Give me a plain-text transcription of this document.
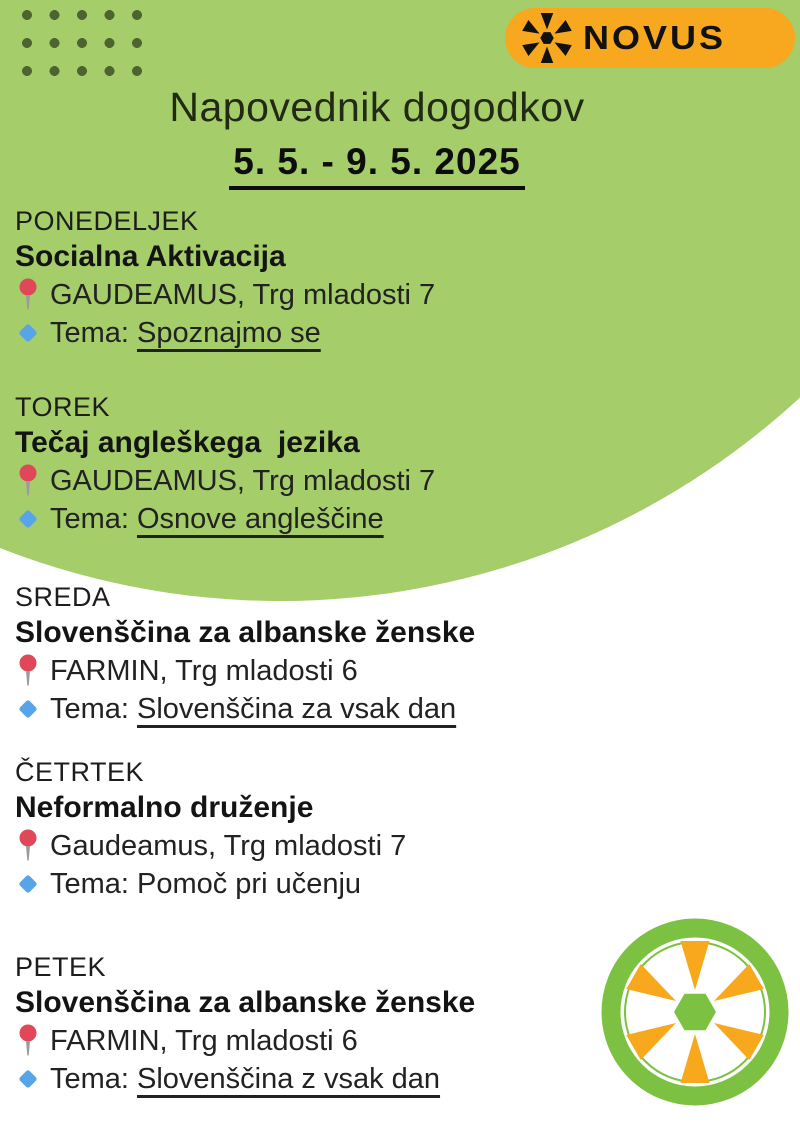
NOVUS
Napovednik dogodkov
5. 5. - 9. 5. 2025
PONEDELJEK
Socialna Aktivacija
GAUDEAMUS, Trg mladosti 7
Tema: Spoznajmo se
TOREK
Tečaj angleškega  jezika
GAUDEAMUS, Trg mladosti 7
Tema: Osnove angleščine
SREDA
Slovenščina za albanske ženske
FARMIN, Trg mladosti 6
Tema: Slovenščina za vsak dan
ČETRTEK
Neformalno druženje
Gaudeamus, Trg mladosti 7
Tema: Pomoč pri učenju
PETEK
Slovenščina za albanske ženske
FARMIN, Trg mladosti 6
Tema: Slovenščina z vsak dan
